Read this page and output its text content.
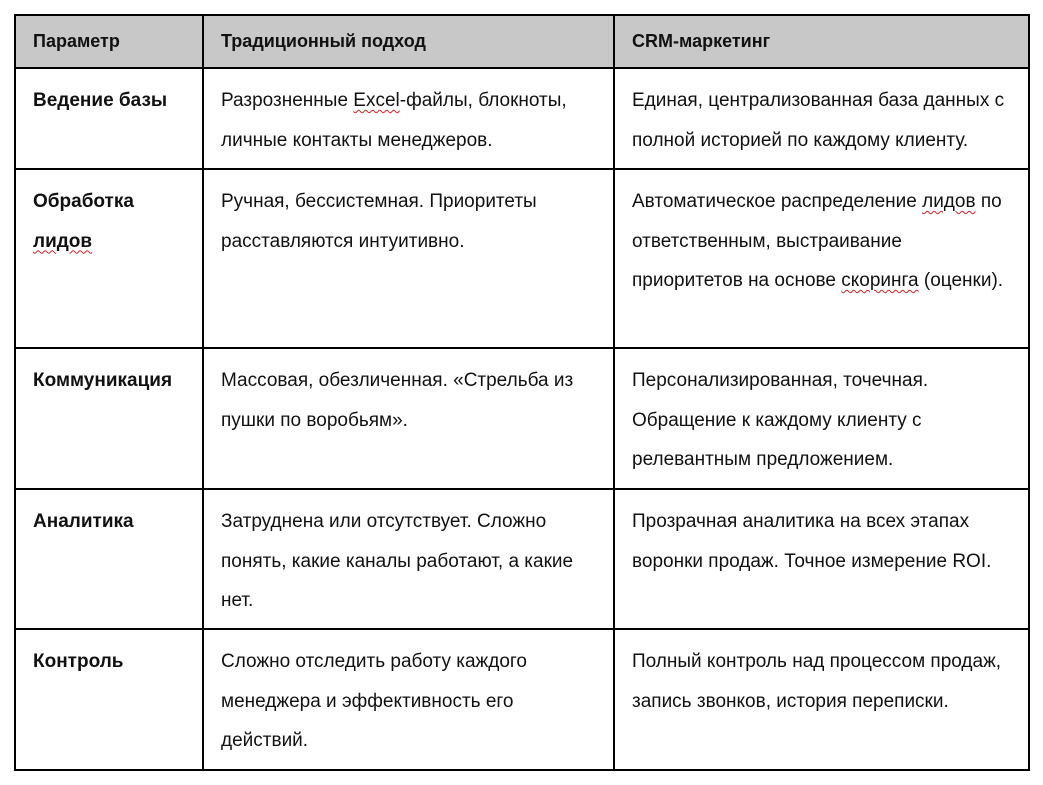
Параметр	Традиционный подход	CRM-маркетинг
Ведение базы	Разрозненные Excel-файлы, блокноты, личные контакты менеджеров.	Единая, централизованная база данных с полной историей по каждому клиенту.
Обработка лидов	Ручная, бессистемная. Приоритеты расставляются интуитивно.	Автоматическое распределение лидов по ответственным, выстраивание приоритетов на основе скоринга (оценки).
Коммуникация	Массовая, обезличенная. «Стрельба из пушки по воробьям».	Персонализированная, точечная. Обращение к каждому клиенту с релевантным предложением.
Аналитика	Затруднена или отсутствует. Сложно понять, какие каналы работают, а какие нет.	Прозрачная аналитика на всех этапах воронки продаж. Точное измерение ROI.
Контроль	Сложно отследить работу каждого менеджера и эффективность его действий.	Полный контроль над процессом продаж, запись звонков, история переписки.
